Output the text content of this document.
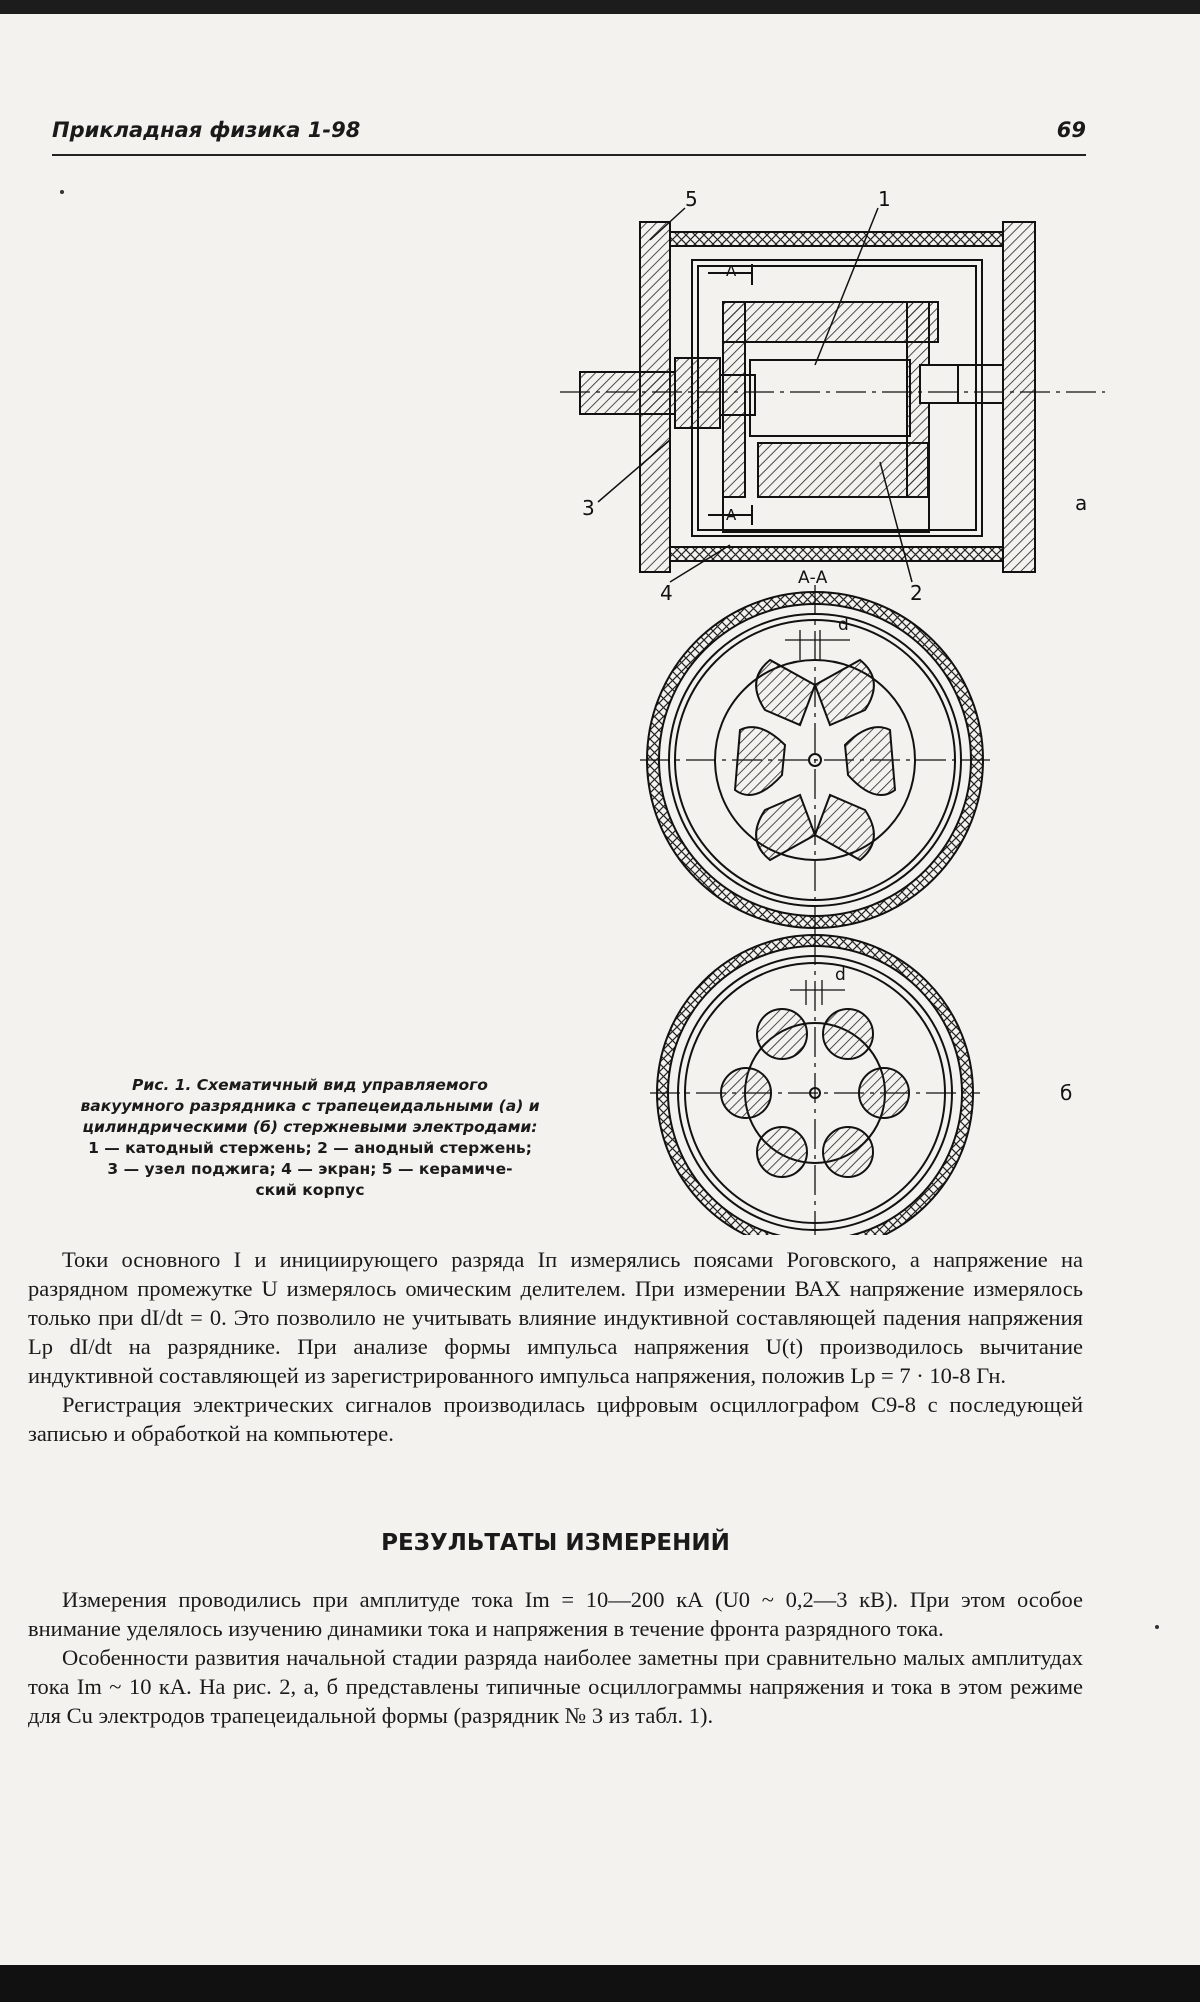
Прикладная физика 1-98	69
5	1
3
4	2
а
б
А
А
А-А
d
d
Рис. 1. Схематичный вид управляемого
вакуумного разрядника с трапецеидальными (а) и
цилиндрическими (б) стержневыми электродами:
1 — катодный стержень; 2 — анодный стержень;
3 — узел поджига; 4 — экран; 5 — керамиче-
ский корпус

Токи основного I и инициирующего разряда Iп измерялись поясами Роговского, а напряжение на разрядном промежутке U измерялось омическим делителем. При измерении ВАХ напряжение измерялось только при dI/dt = 0. Это позволило не учитывать влияние индуктивной составляющей падения напряжения Lр dI/dt на разряднике. При анализе формы импульса напряжения U(t) производилось вычитание индуктивной составляющей из зарегистрированного импульса напряжения, положив Lр = 7 · 10-8 Гн.

Регистрация электрических сигналов производилась цифровым осциллографом С9-8 с последующей записью и обработкой на компьютере.

РЕЗУЛЬТАТЫ ИЗМЕРЕНИЙ

Измерения проводились при амплитуде тока Im = 10—200 кА (U0 ~ 0,2—3 кВ). При этом особое внимание уделялось изучению динамики тока и напряжения в течение фронта разрядного тока.

Особенности развития начальной стадии разряда наиболее заметны при сравнительно малых амплитудах тока Im ~ 10 кА. На рис. 2, а, б представлены типичные осциллограммы напряжения и тока в этом режиме для Cu электродов трапецеидальной формы (разрядник № 3 из табл. 1).
